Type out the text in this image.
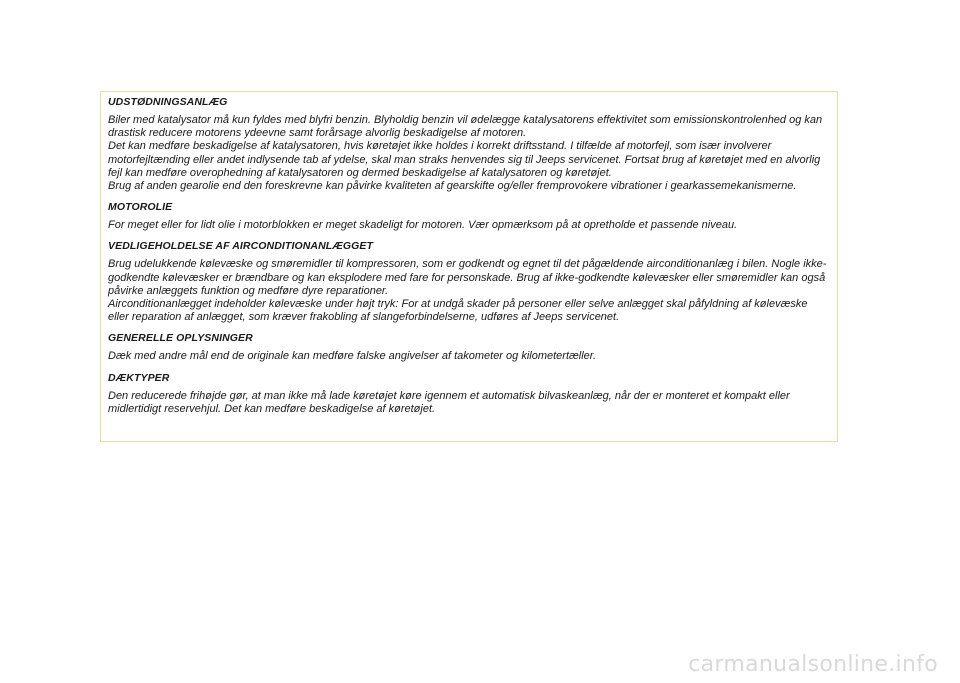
UDSTØDNINGSANLÆG

Biler med katalysator må kun fyldes med blyfri benzin. Blyholdig benzin vil ødelægge katalysatorens effektivitet som emissionskontrolenhed og kan drastisk reducere motorens ydeevne samt forårsage alvorlig beskadigelse af motoren.

Det kan medføre beskadigelse af katalysatoren, hvis køretøjet ikke holdes i korrekt driftsstand. I tilfælde af motorfejl, som især involverer motorfejltænding eller andet indlysende tab af ydelse, skal man straks henvendes sig til Jeeps servicenet. Fortsat brug af køretøjet med en alvorlig fejl kan medføre overophedning af katalysatoren og dermed beskadigelse af katalysatoren og køretøjet.

Brug af anden gearolie end den foreskrevne kan påvirke kvaliteten af gearskifte og/eller fremprovokere vibrationer i gearkassemekanismerne.

MOTOROLIE

For meget eller for lidt olie i motorblokken er meget skadeligt for motoren. Vær opmærksom på at opretholde et passende niveau.

VEDLIGEHOLDELSE AF AIRCONDITIONANLÆGGET

Brug udelukkende kølevæske og smøremidler til kompressoren, som er godkendt og egnet til det pågældende airconditionanlæg i bilen. Nogle ikke-godkendte kølevæsker er brændbare og kan eksplodere med fare for personskade. Brug af ikke-godkendte kølevæsker eller smøremidler kan også påvirke anlæggets funktion og medføre dyre reparationer.

Airconditionanlægget indeholder kølevæske under højt tryk: For at undgå skader på personer eller selve anlægget skal påfyldning af kølevæske eller reparation af anlægget, som kræver frakobling af slangeforbindelserne, udføres af Jeeps servicenet.

GENERELLE OPLYSNINGER

Dæk med andre mål end de originale kan medføre falske angivelser af takometer og kilometertæller.

DÆKTYPER

Den reducerede frihøjde gør, at man ikke må lade køretøjet køre igennem et automatisk bilvaskeanlæg, når der er monteret et kompakt eller midlertidigt reservehjul. Det kan medføre beskadigelse af køretøjet.

carmanualsonline.info
